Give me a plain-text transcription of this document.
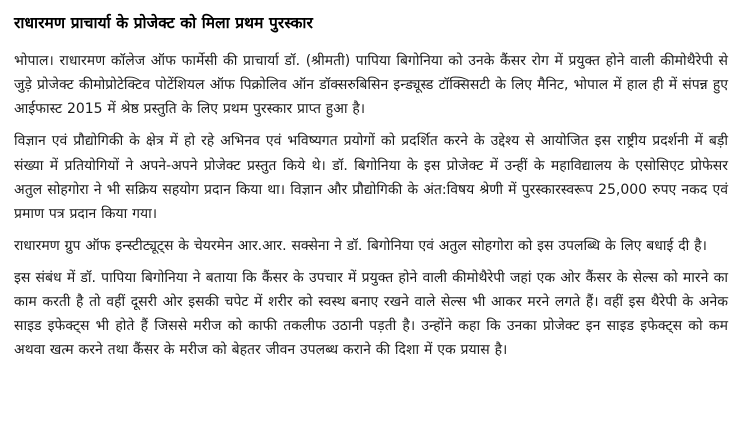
राधारमण प्राचार्या के प्रोजेक्ट को मिला प्रथम पुरस्कार

भोपाल। राधारमण कॉलेज ऑफ फार्मेसी की प्राचार्या डॉ. (श्रीमती) पापिया बिगोनिया को उनके कैंसर रोग में प्रयुक्त होने वाली कीमोथैरेपी से जुड़े प्रोजेक्ट कीमोप्रोटेक्टिव पोटेंशियल ऑफ पिक्रोलिव ऑन डॉक्सरुबिसिन इन्ड्यूस्ड टॉक्सिसटी के लिए मैनिट, भोपाल में हाल ही में संपन्न हुए आईफास्ट 2015 में श्रेष्ठ प्रस्तुति के लिए प्रथम पुरस्कार प्राप्त हुआ है।

विज्ञान एवं प्रौद्योगिकी के क्षेत्र में हो रहे अभिनव एवं भविष्यगत प्रयोगों को प्रदर्शित करने के उद्देश्य से आयोजित इस राष्ट्रीय प्रदर्शनी में बड़ी संख्या में प्रतियोगियों ने अपने-अपने प्रोजेक्ट प्रस्तुत किये थे। डॉ. बिगोनिया के इस प्रोजेक्ट में उन्हीं के महाविद्यालय के एसोसिएट प्रोफेसर अतुल सोहगोरा ने भी सक्रिय सहयोग प्रदान किया था। विज्ञान और प्रौद्योगिकी के अंत:विषय श्रेणी में पुरस्कारस्वरूप 25,000 रुपए नकद एवं प्रमाण पत्र प्रदान किया गया।

राधारमण ग्रुप ऑफ इन्स्टीट्यूट्स के चेयरमेन आर.आर. सक्सेना ने डॉ. बिगोनिया एवं अतुल सोहगोरा को इस उपलब्धि के लिए बधाई दी है।

इस संबंध में डॉ. पापिया बिगोनिया ने बताया कि कैंसर के उपचार में प्रयुक्त होने वाली कीमोथैरेपी जहां एक ओर कैंसर के सेल्स को मारने का काम करती है तो वहीं दूसरी ओर इसकी चपेट में शरीर को स्वस्थ बनाए रखने वाले सेल्स भी आकर मरने लगते हैं। वहीं इस थैरेपी के अनेक साइड इफेक्ट्स भी होते हैं जिससे मरीज को काफी तकलीफ उठानी पड़ती है। उन्होंने कहा कि उनका प्रोजेक्ट इन साइड इफेक्ट्स को कम अथवा खत्म करने तथा कैंसर के मरीज को बेहतर जीवन उपलब्ध कराने की दिशा में एक प्रयास है।
